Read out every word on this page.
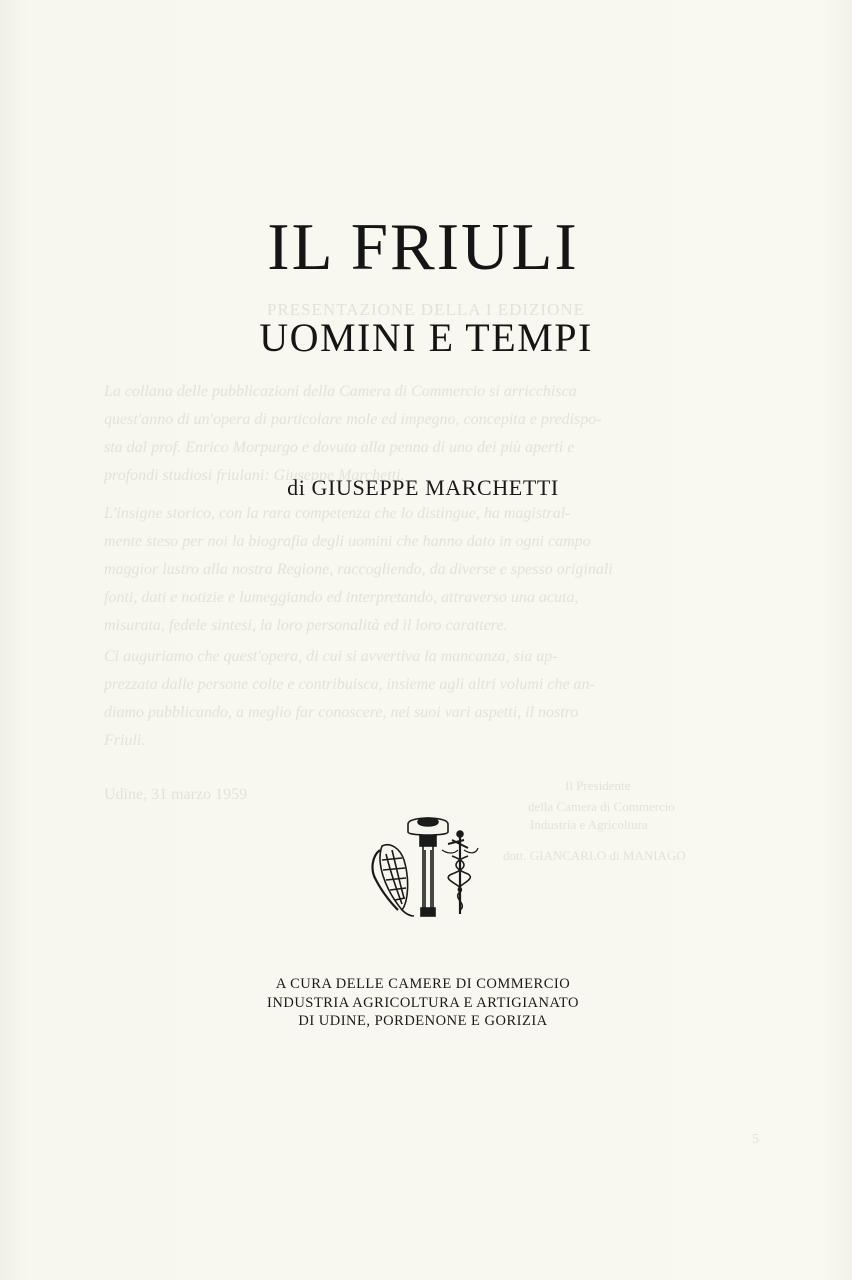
PRESENTAZIONE DELLA I EDIZIONE
La collana delle pubblicazioni della Camera di Commercio si arricchisca
quest'anno di un'opera di particolare mole ed impegno, concepita e predispo-
sta dal prof. Enrico Morpurgo e dovuta alla penna di uno dei più aperti e
profondi studiosi friulani: Giuseppe Marchetti.
L'insigne storico, con la rara competenza che lo distingue, ha magistral-
mente steso per noi la biografia degli uomini che hanno dato in ogni campo
maggior lustro alla nostra Regione, raccogliendo, da diverse e spesso originali
fonti, dati e notizie e lumeggiando ed interpretando, attraverso una acuta,
misurata, fedele sintesi, la loro personalità ed il loro carattere.
Ci auguriamo che quest'opera, di cui si avvertiva la mancanza, sia ap-
prezzata dalle persone colte e contribuisca, insieme agli altri volumi che an-
diamo pubblicando, a meglio far conoscere, nei suoi vari aspetti, il nostro
Friuli.
Udine, 31 marzo 1959
Il Presidente
della Camera di Commercio
Industria e Agricoltura
dott. GIANCARLO di MANIAGO
5
IL FRIULI
UOMINI E TEMPI
di GIUSEPPE MARCHETTI
A CURA DELLE CAMERE DI COMMERCIO
INDUSTRIA AGRICOLTURA E ARTIGIANATO
DI UDINE, PORDENONE E GORIZIA
